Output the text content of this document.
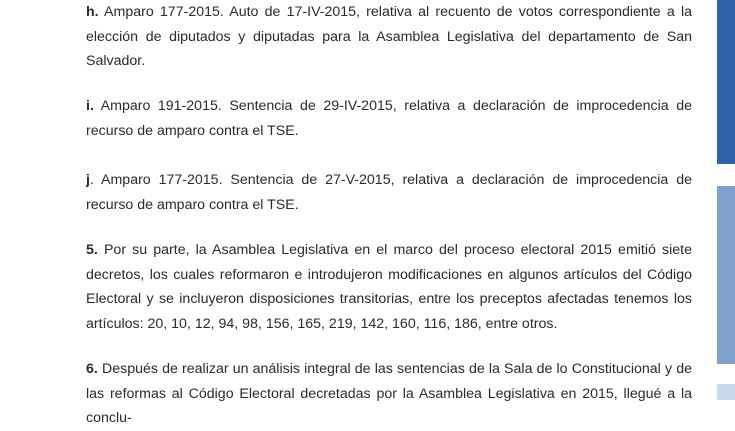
h. Amparo 177-2015. Auto de 17-IV-2015, relativa al recuento de votos correspondiente a la elección de diputados y diputadas para la Asamblea Legislativa del departamento de San Salvador.

i. Amparo 191-2015. Sentencia de 29-IV-2015, relativa a declaración de improcedencia de recurso de amparo contra el TSE.

j. Amparo 177-2015. Sentencia de 27-V-2015, relativa a declaración de improcedencia de recurso de amparo contra el TSE.

5. Por su parte, la Asamblea Legislativa en el marco del proceso electoral 2015 emitió siete decretos, los cuales reformaron e introdujeron modificaciones en algunos artículos del Código Electoral y se incluyeron disposiciones transitorias, entre los preceptos afectadas tenemos los artículos: 20, 10, 12, 94, 98, 156, 165, 219, 142, 160, 116, 186, entre otros.

6. Después de realizar un análisis integral de las sentencias de la Sala de lo Constitucional y de las reformas al Código Electoral decretadas por la Asamblea Legislativa en 2015, llegué a la conclu-
